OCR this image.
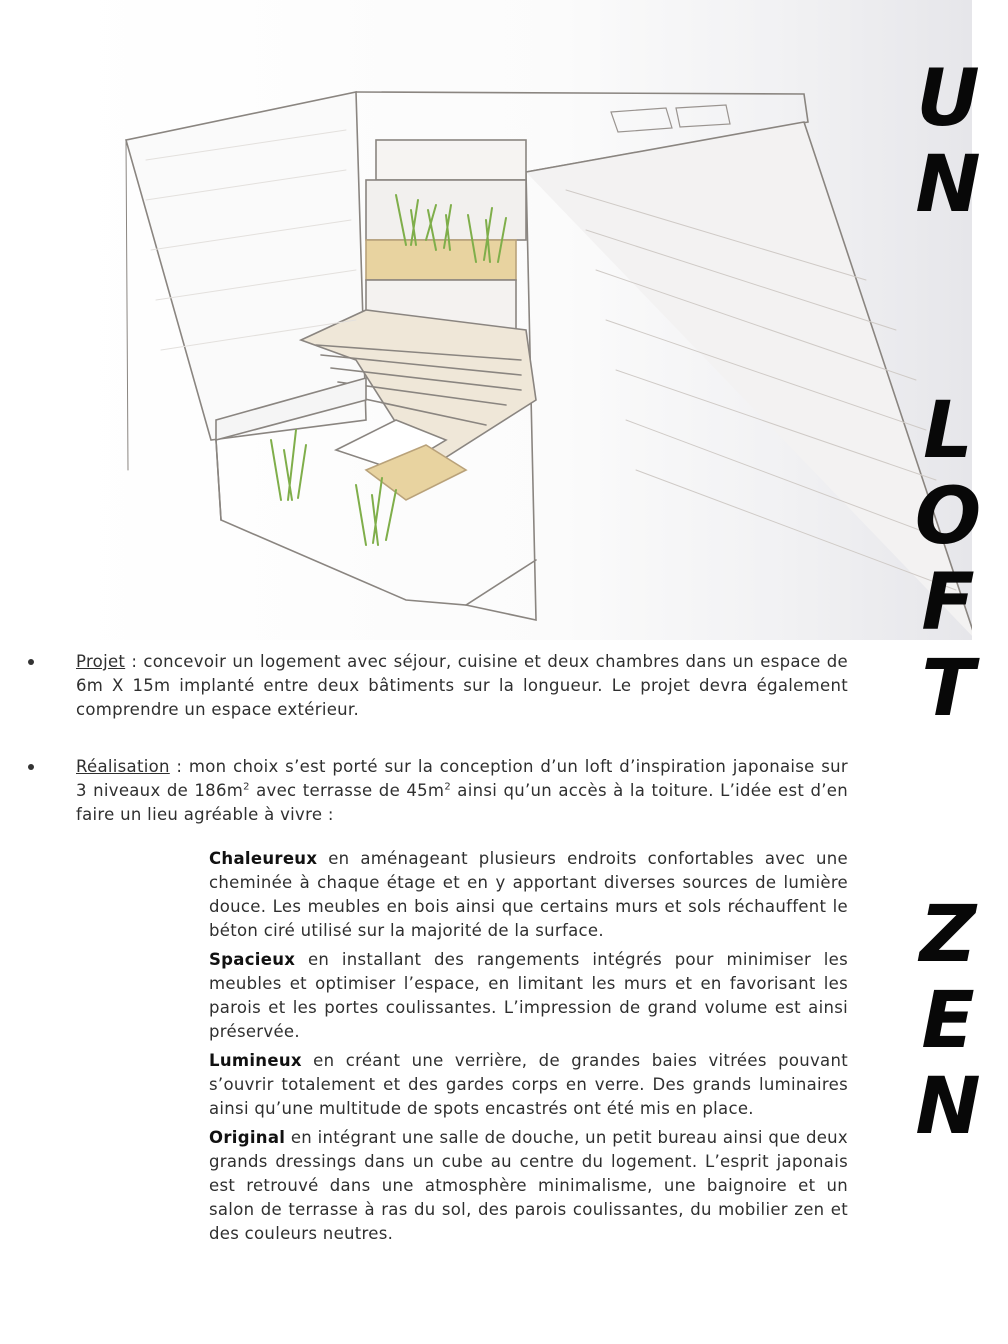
U
N
L
O
F
T
Z
E
N
Projet : concevoir un logement avec séjour, cuisine et deux chambres dans un espace de 6m X 15m implanté entre deux bâtiments sur la longueur. Le projet devra également comprendre un espace extérieur.
Réalisation : mon choix s’est porté sur la conception d’un loft d’inspiration japonaise sur 3 niveaux de $186m^2$ avec terrasse de $45m^2$ ainsi qu’un accès à la toiture. L’idée est d’en faire un lieu agréable à vivre :
Chaleureux en aménageant plusieurs endroits confortables avec une cheminée à chaque étage et en y apportant diverses sources de lumière douce. Les meubles en bois ainsi que certains murs et sols réchauffent le béton ciré utilisé sur la majorité de la surface.
Spacieux en installant des rangements intégrés pour minimiser les meubles et optimiser l’espace, en limitant les murs et en favorisant les parois et les portes coulissantes. L’impression de grand volume est ainsi préservée.
Lumineux en créant une verrière, de grandes baies vitrées pouvant s’ouvrir totalement et des gardes corps en verre. Des grands luminaires ainsi qu’une multitude de spots encastrés ont été mis en place.
Original en intégrant une salle de douche, un petit bureau ainsi que deux grands dressings dans un cube au centre du logement. L’esprit japonais est retrouvé dans une atmosphère minimalisme, une baignoire et un salon de terrasse à ras du sol, des parois coulissantes, du mobilier zen et des couleurs neutres.
